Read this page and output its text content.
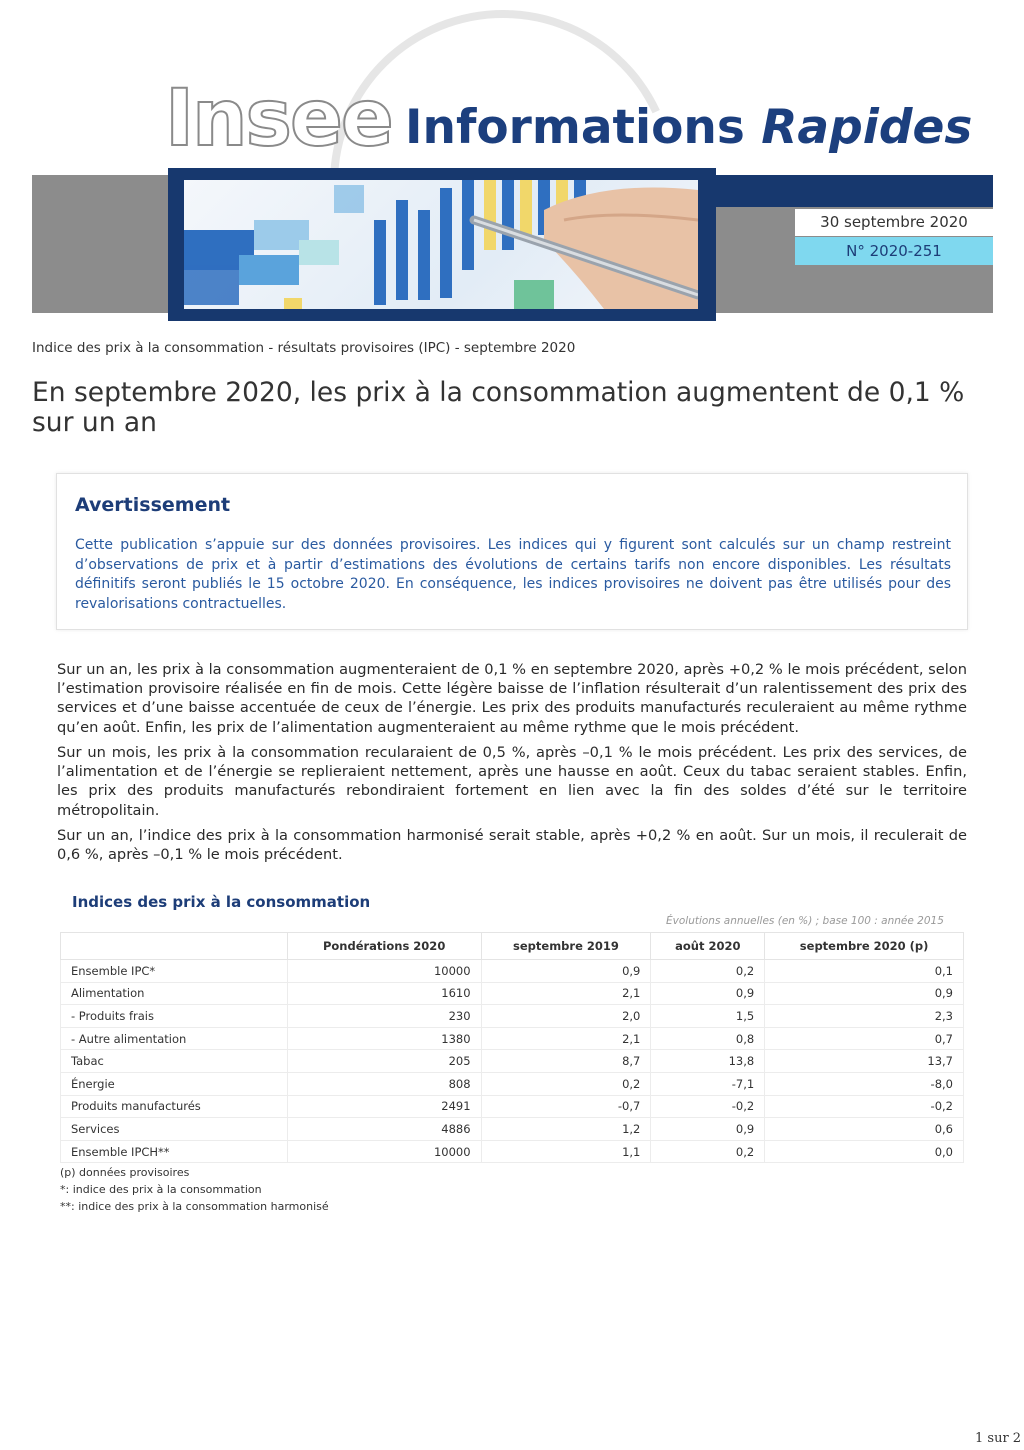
Insee Informations Rapides
30 septembre 2020
N° 2020-251
Indice des prix à la consommation - résultats provisoires (IPC) - septembre 2020
En septembre 2020, les prix à la consommation augmentent de 0,1 % sur un an
Avertissement

Cette publication s’appuie sur des données provisoires. Les indices qui y figurent sont calculés sur un champ restreint d’observations de prix et à partir d’estimations des évolutions de certains tarifs non encore disponibles. Les résultats définitifs seront publiés le 15 octobre 2020. En conséquence, les indices provisoires ne doivent pas être utilisés pour des revalorisations contractuelles.

Sur un an, les prix à la consommation augmenteraient de 0,1 % en septembre 2020, après +0,2 % le mois précédent, selon l’estimation provisoire réalisée en fin de mois. Cette légère baisse de l’inflation résulterait d’un ralentissement des prix des services et d’une baisse accentuée de ceux de l’énergie. Les prix des produits manufacturés reculeraient au même rythme qu’en août. Enfin, les prix de l’alimentation augmenteraient au même rythme que le mois précédent.

Sur un mois, les prix à la consommation recularaient de 0,5 %, après –0,1 % le mois précédent. Les prix des services, de l’alimentation et de l’énergie se replieraient nettement, après une hausse en août. Ceux du tabac seraient stables. Enfin, les prix des produits manufacturés rebondiraient fortement en lien avec la fin des soldes d’été sur le territoire métropolitain.

Sur un an, l’indice des prix à la consommation harmonisé serait stable, après +0,2 % en août. Sur un mois, il reculerait de 0,6 %, après –0,1 % le mois précédent.

Indices des prix à la consommation
Évolutions annuelles (en %) ; base 100 : année 2015
	Pondérations 2020	septembre 2019	août 2020	septembre 2020 (p)
Ensemble IPC*	10000	0,9	0,2	0,1
Alimentation	1610	2,1	0,9	0,9
- Produits frais	230	2,0	1,5	2,3
- Autre alimentation	1380	2,1	0,8	0,7
Tabac	205	8,7	13,8	13,7
Énergie	808	0,2	-7,1	-8,0
Produits manufacturés	2491	-0,7	-0,2	-0,2
Services	4886	1,2	0,9	0,6
Ensemble IPCH**	10000	1,1	0,2	0,0
(p) données provisoires
*: indice des prix à la consommation
**: indice des prix à la consommation harmonisé
1 sur 2
